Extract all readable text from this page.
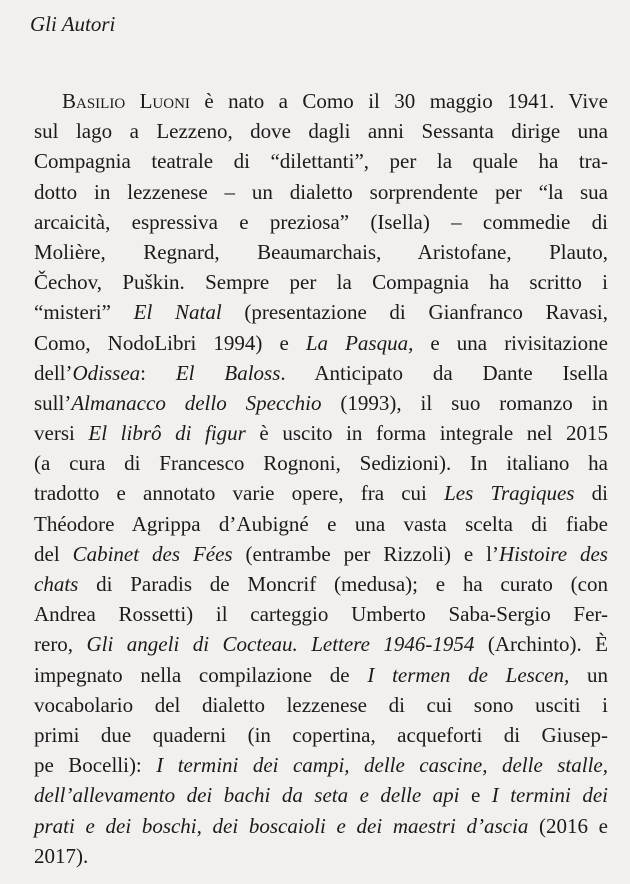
Gli Autori
Basilio Luoni è nato a Como il 30 maggio 1941. Vive
sul lago a Lezzeno, dove dagli anni Sessanta dirige una
Compagnia teatrale di “dilettanti”, per la quale ha tra-
dotto in lezzenese – un dialetto sorprendente per “la sua
arcaicità, espressiva e preziosa” (Isella) – commedie di
Molière, Regnard, Beaumarchais, Aristofane, Plauto,
Čechov, Puškin. Sempre per la Compagnia ha scritto i
“misteri” El Natal (presentazione di Gianfranco Ravasi,
Como, NodoLibri 1994) e La Pasqua, e una rivisitazione
dell’Odissea: El Baloss. Anticipato da Dante Isella
sull’Almanacco dello Specchio (1993), il suo romanzo in
versi El librô di figur è uscito in forma integrale nel 2015
(a cura di Francesco Rognoni, Sedizioni). In italiano ha
tradotto e annotato varie opere, fra cui Les Tragiques di
Théodore Agrippa d’Aubigné e una vasta scelta di fiabe
del Cabinet des Fées (entrambe per Rizzoli) e l’Histoire des
chats di Paradis de Moncrif (medusa); e ha curato (con
Andrea Rossetti) il carteggio Umberto Saba-Sergio Fer-
rero, Gli angeli di Cocteau. Lettere 1946-1954 (Archinto). È
impegnato nella compilazione de I termen de Lescen, un
vocabolario del dialetto lezzenese di cui sono usciti i
primi due quaderni (in copertina, acqueforti di Giusep-
pe Bocelli): I termini dei campi, delle cascine, delle stalle,
dell’allevamento dei bachi da seta e delle api e I termini dei
prati e dei boschi, dei boscaioli e dei maestri d’ascia (2016 e
2017).
